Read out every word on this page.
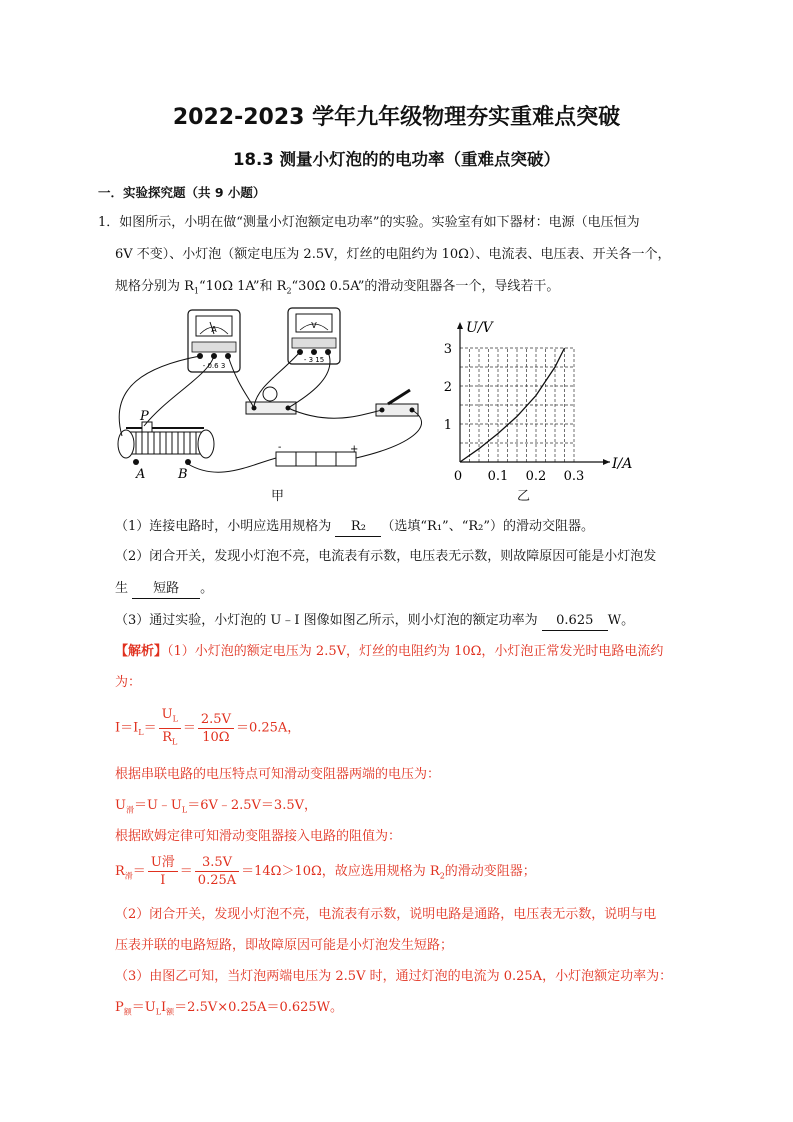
2022-2023 学年九年级物理夯实重难点突破
18.3 测量小灯泡的的电功率（重难点突破）
一．实验探究题（共 9 小题）
1．如图所示，小明在做“测量小灯泡额定电功率”的实验。实验室有如下器材：电源（电压恒为
6V 不变）、小灯泡（额定电压为 2.5V，灯丝的电阻约为 10Ω）、电流表、电压表、开关各一个，
规格分别为 $R_1“10\Omega$ 1A”和 $R_2“30\Omega$ 0.5A”的滑动变阻器各一个，导线若干。
A
- 0.6 3
V
- 3 15
-	+
P
A	B
甲
0 0.1 0.2 0.3
1
2
3
I/A
U/V
乙
（1）连接电路时，小明应选用规格为 R₂ （选填“R₁”、“R₂”）的滑动交阻器。
（2）闭合开关，发现小灯泡不亮，电流表有示数，电压表无示数，则故障原因可能是小灯泡发
生 短路 。
（3）通过实验，小灯泡的 U﹣I 图像如图乙所示，则小灯泡的额定功率为 0.625 W。
【解析】（1）小灯泡的额定电压为 2.5V，灯丝的电阻约为 10Ω，小灯泡正常发光时电路电流约
为：
$I=I_L= \frac{U_L}{R_L} = \frac{2.5V}{10\Omega} =0.25A$，
根据串联电路的电压特点可知滑动变阻器两端的电压为：
$U_滑=U﹣U_L=6V﹣2.5V=3.5V$，
根据欧姆定律可知滑动变阻器接入电路的阻值为：
$R_滑= \frac{\text{U滑}}{I} = \frac{3.5V}{0.25A} =14\Omega>10\Omega$，故应选用规格为 $R_2$的滑动变阻器；
（2）闭合开关，发现小灯泡不亮，电流表有示数，说明电路是通路，电压表无示数，说明与电
压表并联的电路短路，即故障原因可能是小灯泡发生短路；
（3）由图乙可知，当灯泡两端电压为 2.5V 时，通过灯泡的电流为 0.25A，小灯泡额定功率为：
$P_额=U_LI_额=2.5V\times 0.25A=0.625W$。
